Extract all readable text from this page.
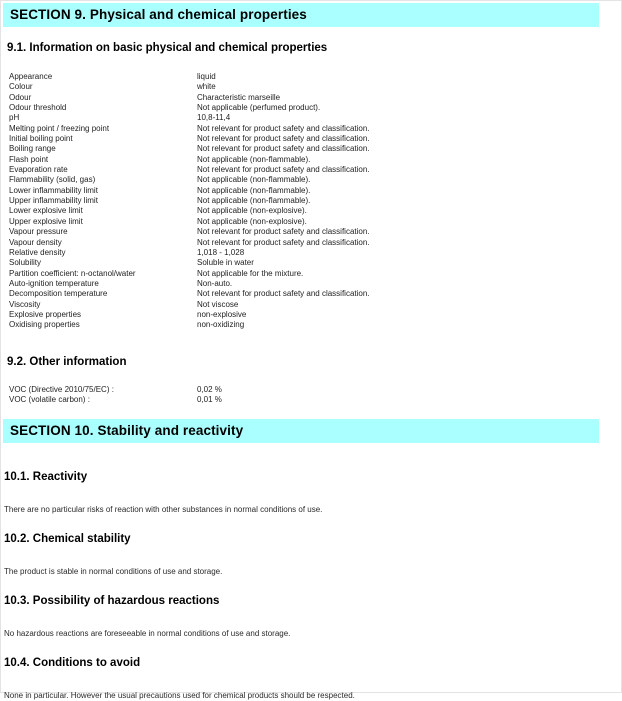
SECTION 9. Physical and chemical properties
9.1. Information on basic physical and chemical properties
Appearance	liquid
Colour	white
Odour	Characteristic marseille
Odour threshold	Not applicable (perfumed product).
pH	10,8-11,4
Melting point / freezing point	Not relevant for product safety and classification.
Initial boiling point	Not relevant for product safety and classification.
Boiling range	Not relevant for product safety and classification.
Flash point	Not applicable (non-flammable).
Evaporation rate	Not relevant for product safety and classification.
Flammability (solid, gas)	Not applicable (non-flammable).
Lower inflammability limit	Not applicable (non-flammable).
Upper inflammability limit	Not applicable (non-flammable).
Lower explosive limit	Not applicable (non-explosive).
Upper explosive limit	Not applicable (non-explosive).
Vapour pressure	Not relevant for product safety and classification.
Vapour density	Not relevant for product safety and classification.
Relative density	1,018 - 1,028
Solubility	Soluble in water
Partition coefficient: n-octanol/water	Not applicable for the mixture.
Auto-ignition temperature	Non-auto.
Decomposition temperature	Not relevant for product safety and classification.
Viscosity	Not viscose
Explosive properties	non-explosive
Oxidising properties	non-oxidizing
9.2. Other information
VOC (Directive 2010/75/EC) :	0,02 %
VOC (volatile carbon) :	0,01 %
SECTION 10. Stability and reactivity
10.1. Reactivity
There are no particular risks of reaction with other substances in normal conditions of use.
10.2. Chemical stability
The product is stable in normal conditions of use and storage.
10.3. Possibility of hazardous reactions
No hazardous reactions are foreseeable in normal conditions of use and storage.
10.4. Conditions to avoid
None in particular. However the usual precautions used for chemical products should be respected.
